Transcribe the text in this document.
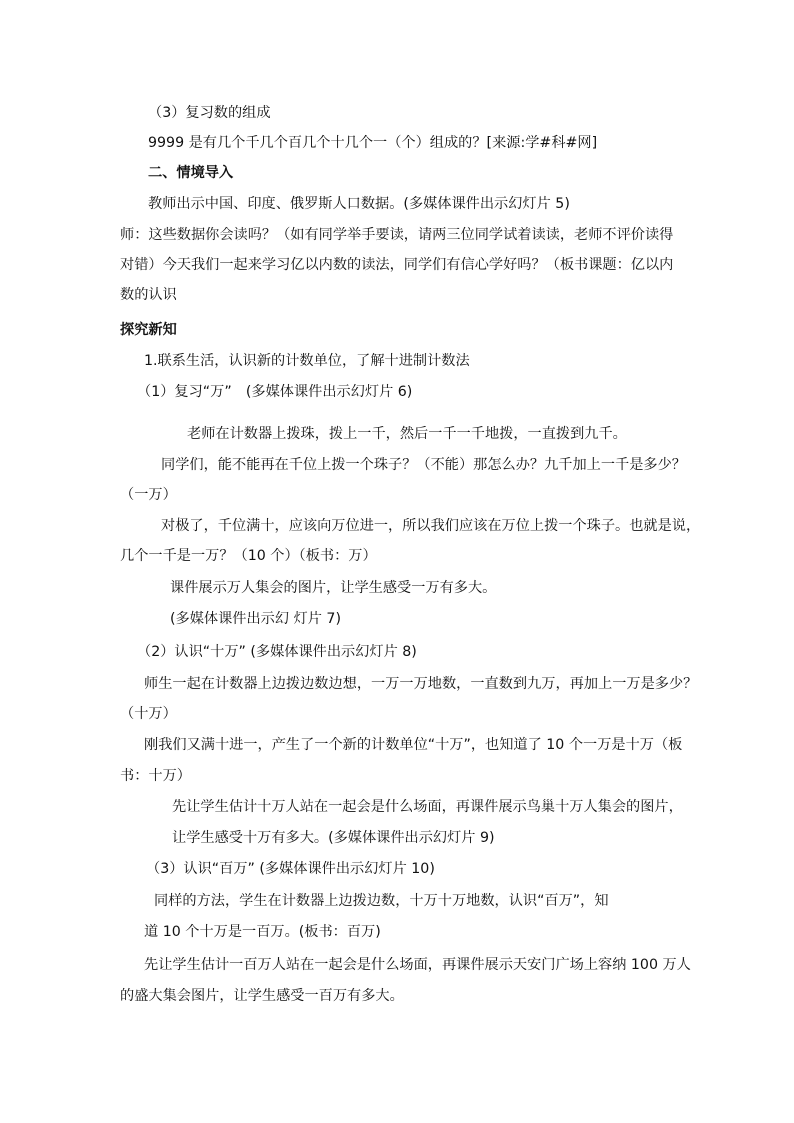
（3）复习数的组成

9999 是有几个千几个百几个十几个一（个）组成的？[来源:学#科#网]

二、情境导入

教师出示中国、印度、俄罗斯人口数据。(多媒体课件出示幻灯片 5)

师：这些数据你会读吗？（如有同学举手要读，请两三位同学试着读读，老师不评价读得

对错）今天我们一起来学习亿以内数的读法，同学们有信心学好吗？（板书课题：亿以内

数的认识

探究新知

1.联系生活，认识新的计数单位，了解十进制计数法

（1）复习“万”　(多媒体课件出示幻灯片 6)

老师在计数器上拨珠，拨上一千，然后一千一千地拨，一直拨到九千。

同学们，能不能再在千位上拨一个珠子？（不能）那怎么办？九千加上一千是多少？

（一万）

对极了，千位满十，应该向万位进一，所以我们应该在万位上拨一个珠子。也就是说，

几个一千是一万？（10 个）（板书：万）

课件展示万人集会的图片，让学生感受一万有多大。

(多媒体课件出示幻 灯片 7)

（2）认识“十万” (多媒体课件出示幻灯片 8)

师生一起在计数器上边拨边数边想，一万一万地数，一直数到九万，再加上一万是多少？

（十万）

刚我们又满十进一，产生了一个新的计数单位“十万”，也知道了 10 个一万是十万（板

书：十万）

先让学生估计十万人站在一起会是什么场面，再课件展示鸟巢十万人集会的图片，

让学生感受十万有多大。(多媒体课件出示幻灯片 9)

（3）认识“百万” (多媒体课件出示幻灯片 10)

同样的方法，学生在计数器上边拨边数，十万十万地数，认识“百万”，知

道 10 个十万是一百万。(板书：百万)

先让学生估计一百万人站在一起会是什么场面，再课件展示天安门广场上容纳 100 万人

的盛大集会图片，让学生感受一百万有多大。
